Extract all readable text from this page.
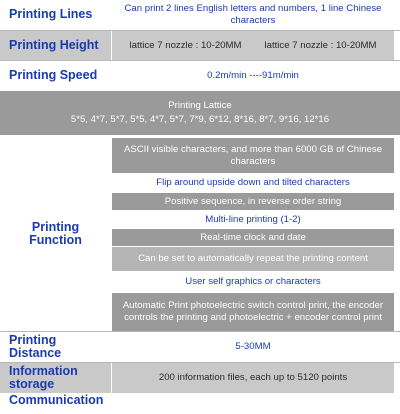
Printing Lines	Can print 2 lines English letters and numbers, 1 line Chinese characters
Printing Height	lattice 7 nozzle : 10-20MM lattice 7 nozzle : 10-20MM
Printing Speed	0.2m/min ----91m/min
Printing Lattice
5*5, 4*7, 5*7, 5*5, 4*7, 5*7, 7*9, 6*12, 8*16, 8*7, 9*16, 12*16
Printing Function
ASCII visible characters, and more than 6000 GB of Chinese characters
Flip around upside down and tilted characters
Positive sequence, in reverse order string
Multi-line printing (1-2)
Real-time clock and date
Can be set to automatically repeat the printing content
User self graphics or characters
Automatic Print photoelectric switch control print, the encoder controls the printing and photoelectric + encoder control print
Printing Distance	5-30MM
Information storage	200 information files, each up to 5120 points
Communication
